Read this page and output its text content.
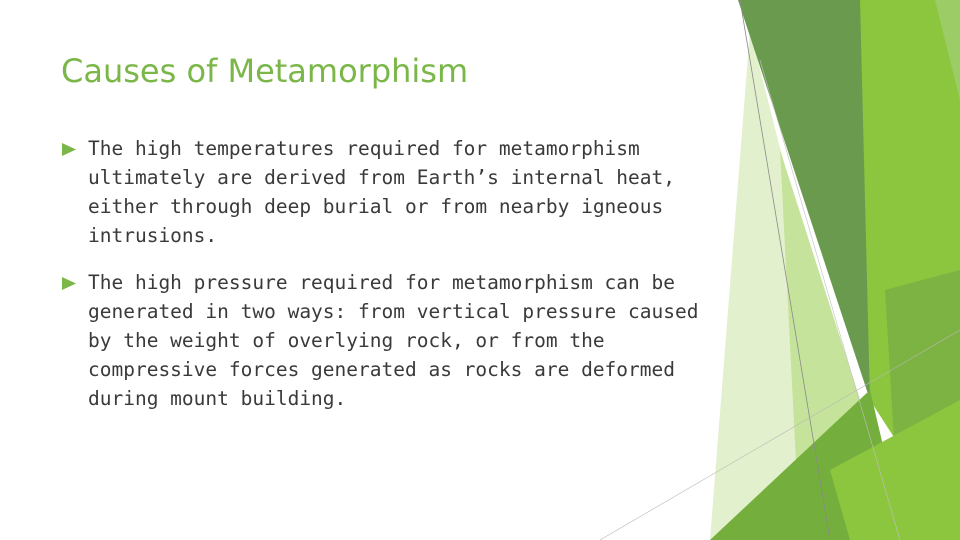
Causes of Metamorphism
The high temperatures required for metamorphism ultimately are derived from Earth’s internal heat, either through deep burial or from nearby igneous intrusions.
The high pressure required for metamorphism can be generated in two ways: from vertical pressure caused by the weight of overlying rock, or from the compressive forces generated as rocks are deformed during mount building.
